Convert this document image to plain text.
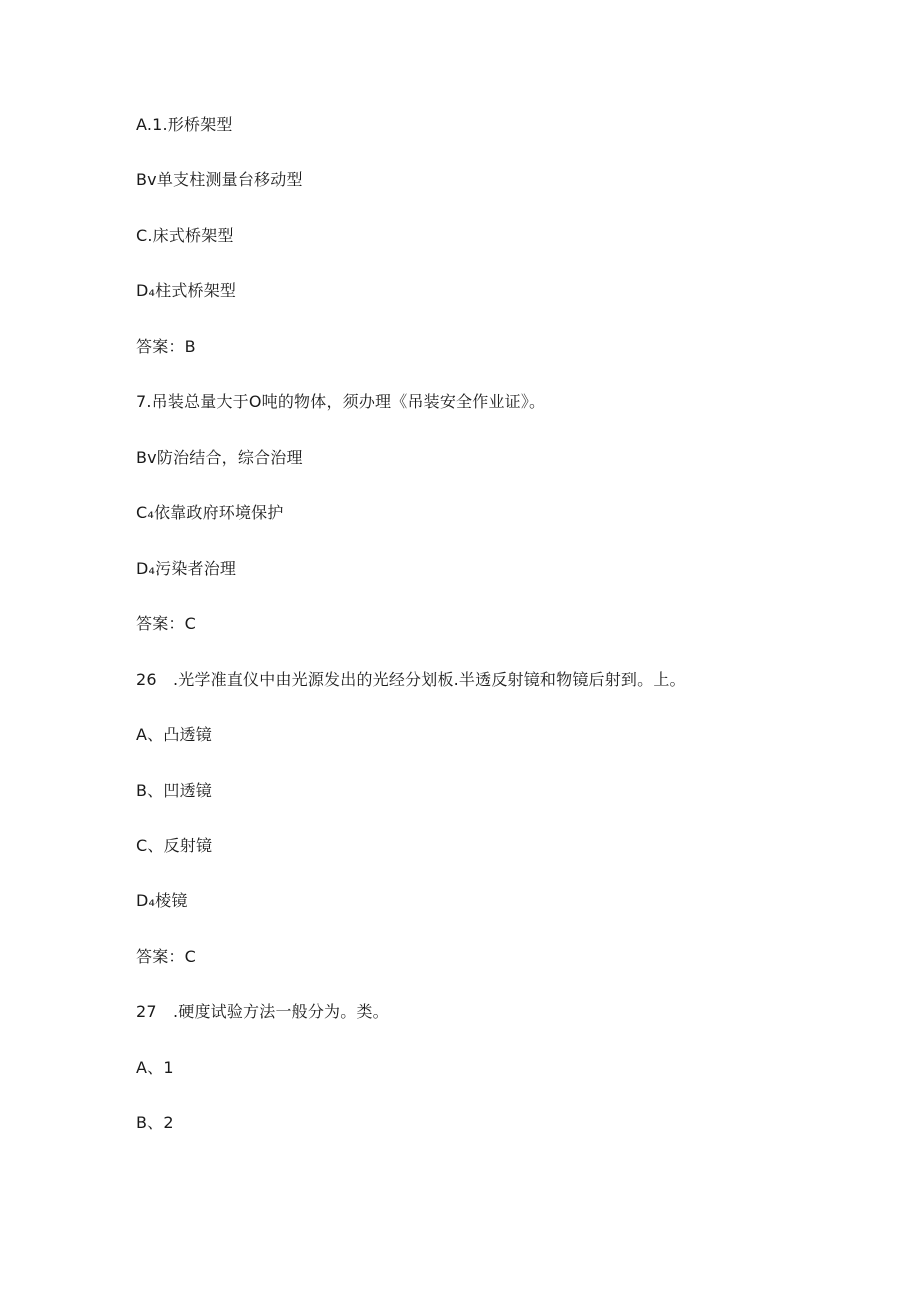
A.1.形桥架型
Bv单支柱测量台移动型
C.床式桥架型
D₄柱式桥架型
答案：B
7.吊装总量大于O吨的物体，须办理《吊装安全作业证》。
Bv防治结合，综合治理
C₄依靠政府环境保护
D₄污染者治理
答案：C
26　.光学准直仪中由光源发出的光经分划板.半透反射镜和物镜后射到。上。
A、凸透镜
B、凹透镜
C、反射镜
D₄棱镜
答案：C
27　.硬度试验方法一般分为。类。
A、1
B、2
